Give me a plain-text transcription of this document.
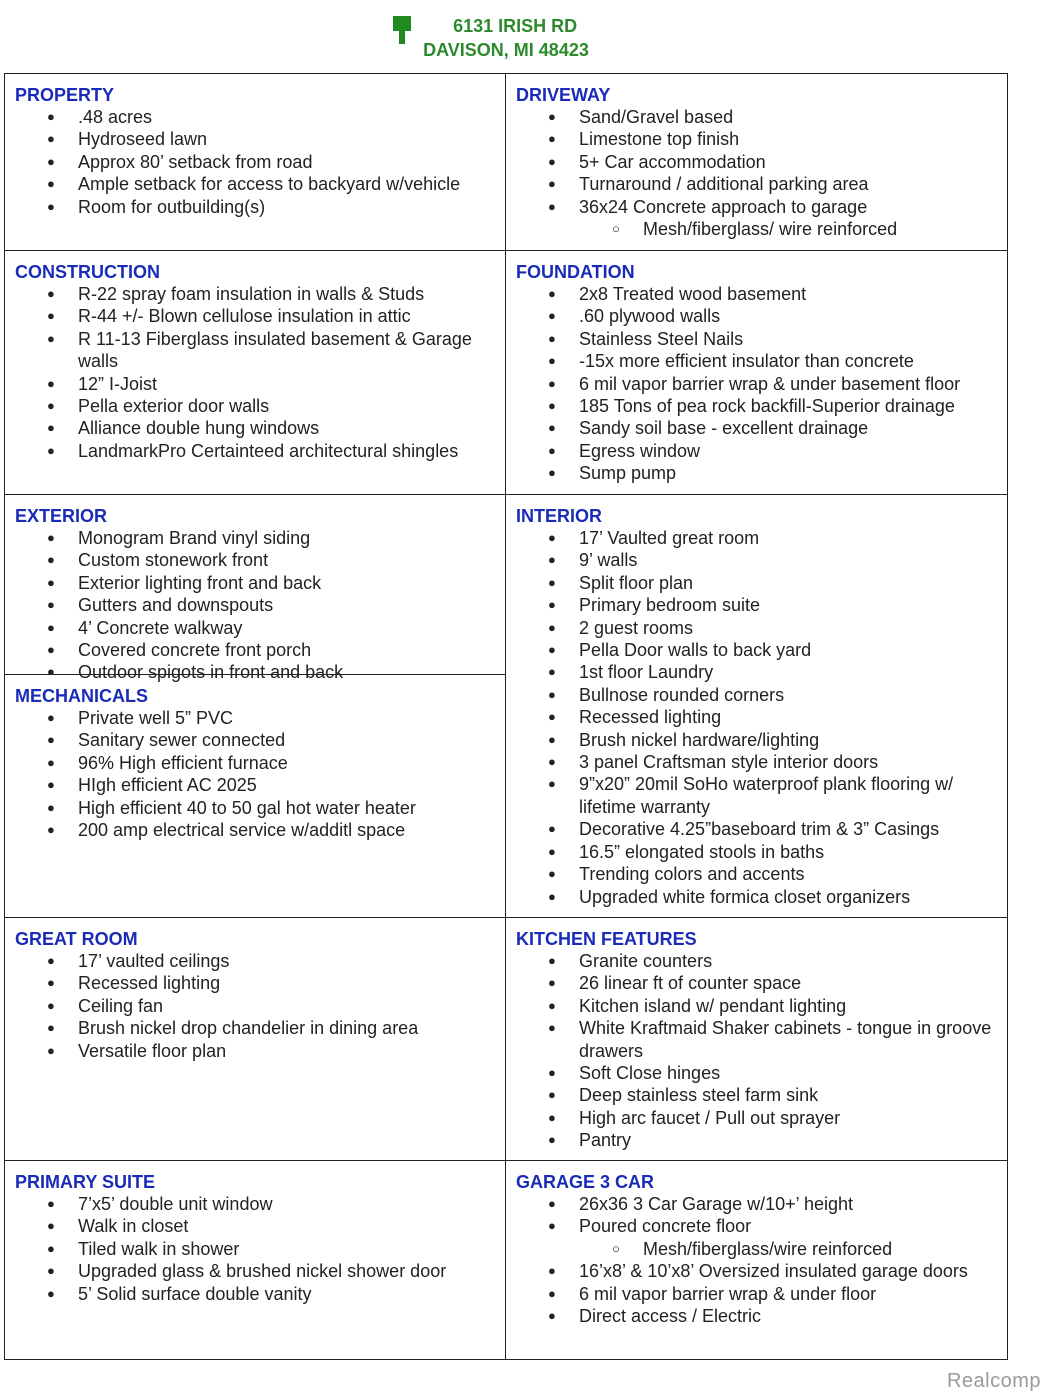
6131 IRISH RD
DAVISON, MI 48423
PROPERTY
● .48 acres
● Hydroseed lawn
● Approx 80’ setback from road
● Ample setback for access to backyard w/vehicle
● Room for outbuilding(s)
DRIVEWAY
● Sand/Gravel based
● Limestone top finish
● 5+ Car accommodation
● Turnaround / additional parking area
● 36x24 Concrete approach to garage
○ Mesh/fiberglass/ wire reinforced
CONSTRUCTION
● R-22 spray foam insulation in walls & Studs
● R-44 +/- Blown cellulose insulation in attic
● R 11-13 Fiberglass insulated basement & Garage walls
● 12” I-Joist
● Pella exterior door walls
● Alliance double hung windows
● LandmarkPro Certainteed architectural shingles
FOUNDATION
● 2x8 Treated wood basement
● .60 plywood walls
● Stainless Steel Nails
● -15x more efficient insulator than concrete
● 6 mil vapor barrier wrap & under basement floor
● 185 Tons of pea rock backfill-Superior drainage
● Sandy soil base - excellent drainage
● Egress window
● Sump pump
EXTERIOR
● Monogram Brand vinyl siding
● Custom stonework front
● Exterior lighting front and back
● Gutters and downspouts
● 4’ Concrete walkway
● Covered concrete front porch
● Outdoor spigots in front and back
MECHANICALS
● Private well 5” PVC
● Sanitary sewer connected
● 96% High efficient furnace
● HIgh efficient AC 2025
● High efficient 40 to 50 gal hot water heater
● 200 amp electrical service w/additl space
INTERIOR
● 17’ Vaulted great room
● 9’ walls
● Split floor plan
● Primary bedroom suite
● 2 guest rooms
● Pella Door walls to back yard
● 1st floor Laundry
● Bullnose rounded corners
● Recessed lighting
● Brush nickel hardware/lighting
● 3 panel Craftsman style interior doors
● 9”x20” 20mil SoHo waterproof plank flooring w/ lifetime warranty
● Decorative 4.25”baseboard trim & 3” Casings
● 16.5” elongated stools in baths
● Trending colors and accents
● Upgraded white formica closet organizers
GREAT ROOM
● 17’ vaulted ceilings
● Recessed lighting
● Ceiling fan
● Brush nickel drop chandelier in dining area
● Versatile floor plan
KITCHEN FEATURES
● Granite counters
● 26 linear ft of counter space
● Kitchen island w/ pendant lighting
● White Kraftmaid Shaker cabinets - tongue in groove drawers
● Soft Close hinges
● Deep stainless steel farm sink
● High arc faucet / Pull out sprayer
● Pantry
PRIMARY SUITE
● 7’x5’ double unit window
● Walk in closet
● Tiled walk in shower
● Upgraded glass & brushed nickel shower door
● 5’ Solid surface double vanity
GARAGE 3 CAR
● 26x36 3 Car Garage w/10+’ height
● Poured concrete floor
○ Mesh/fiberglass/wire reinforced
● 16’x8’ & 10’x8’ Oversized insulated garage doors
● 6 mil vapor barrier wrap & under floor
● Direct access / Electric
Realcomp
